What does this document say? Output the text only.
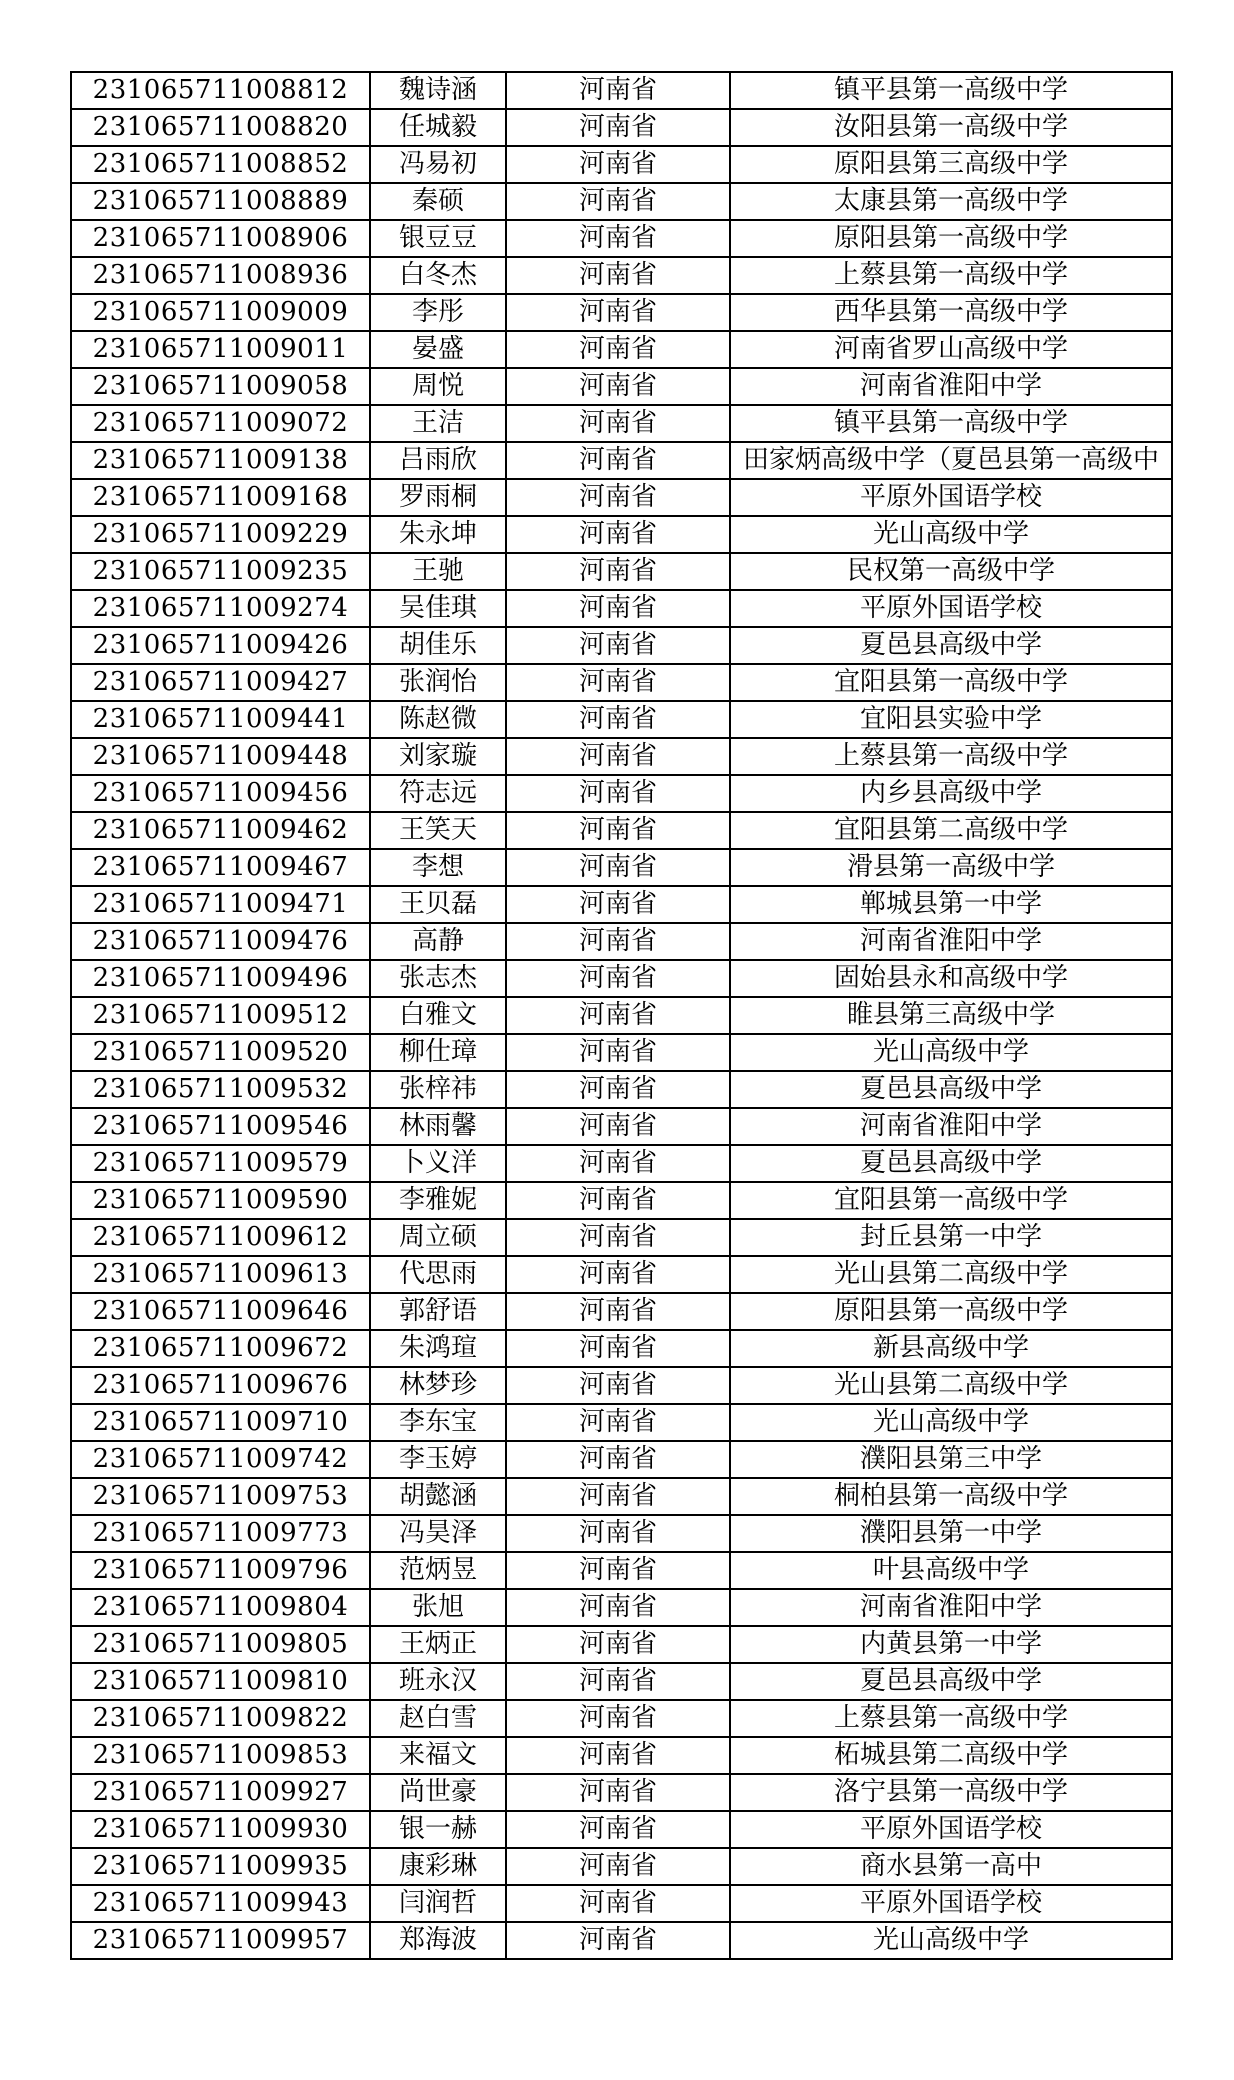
231065711008812	魏诗涵	河南省	镇平县第一高级中学
231065711008820	任城毅	河南省	汝阳县第一高级中学
231065711008852	冯易初	河南省	原阳县第三高级中学
231065711008889	秦硕	河南省	太康县第一高级中学
231065711008906	银豆豆	河南省	原阳县第一高级中学
231065711008936	白冬杰	河南省	上蔡县第一高级中学
231065711009009	李彤	河南省	西华县第一高级中学
231065711009011	晏盛	河南省	河南省罗山高级中学
231065711009058	周悦	河南省	河南省淮阳中学
231065711009072	王洁	河南省	镇平县第一高级中学
231065711009138	吕雨欣	河南省	田家炳高级中学（夏邑县第一高级中
231065711009168	罗雨桐	河南省	平原外国语学校
231065711009229	朱永坤	河南省	光山高级中学
231065711009235	王驰	河南省	民权第一高级中学
231065711009274	吴佳琪	河南省	平原外国语学校
231065711009426	胡佳乐	河南省	夏邑县高级中学
231065711009427	张润怡	河南省	宜阳县第一高级中学
231065711009441	陈赵微	河南省	宜阳县实验中学
231065711009448	刘家璇	河南省	上蔡县第一高级中学
231065711009456	符志远	河南省	内乡县高级中学
231065711009462	王笑天	河南省	宜阳县第二高级中学
231065711009467	李想	河南省	滑县第一高级中学
231065711009471	王贝磊	河南省	郸城县第一中学
231065711009476	高静	河南省	河南省淮阳中学
231065711009496	张志杰	河南省	固始县永和高级中学
231065711009512	白雅文	河南省	睢县第三高级中学
231065711009520	柳仕璋	河南省	光山高级中学
231065711009532	张梓祎	河南省	夏邑县高级中学
231065711009546	林雨馨	河南省	河南省淮阳中学
231065711009579	卜义洋	河南省	夏邑县高级中学
231065711009590	李雅妮	河南省	宜阳县第一高级中学
231065711009612	周立硕	河南省	封丘县第一中学
231065711009613	代思雨	河南省	光山县第二高级中学
231065711009646	郭舒语	河南省	原阳县第一高级中学
231065711009672	朱鸿瑄	河南省	新县高级中学
231065711009676	林梦珍	河南省	光山县第二高级中学
231065711009710	李东宝	河南省	光山高级中学
231065711009742	李玉婷	河南省	濮阳县第三中学
231065711009753	胡懿涵	河南省	桐柏县第一高级中学
231065711009773	冯昊泽	河南省	濮阳县第一中学
231065711009796	范炳昱	河南省	叶县高级中学
231065711009804	张旭	河南省	河南省淮阳中学
231065711009805	王炳正	河南省	内黄县第一中学
231065711009810	班永汉	河南省	夏邑县高级中学
231065711009822	赵白雪	河南省	上蔡县第一高级中学
231065711009853	来福文	河南省	柘城县第二高级中学
231065711009927	尚世豪	河南省	洛宁县第一高级中学
231065711009930	银一赫	河南省	平原外国语学校
231065711009935	康彩琳	河南省	商水县第一高中
231065711009943	闫润哲	河南省	平原外国语学校
231065711009957	郑海波	河南省	光山高级中学
